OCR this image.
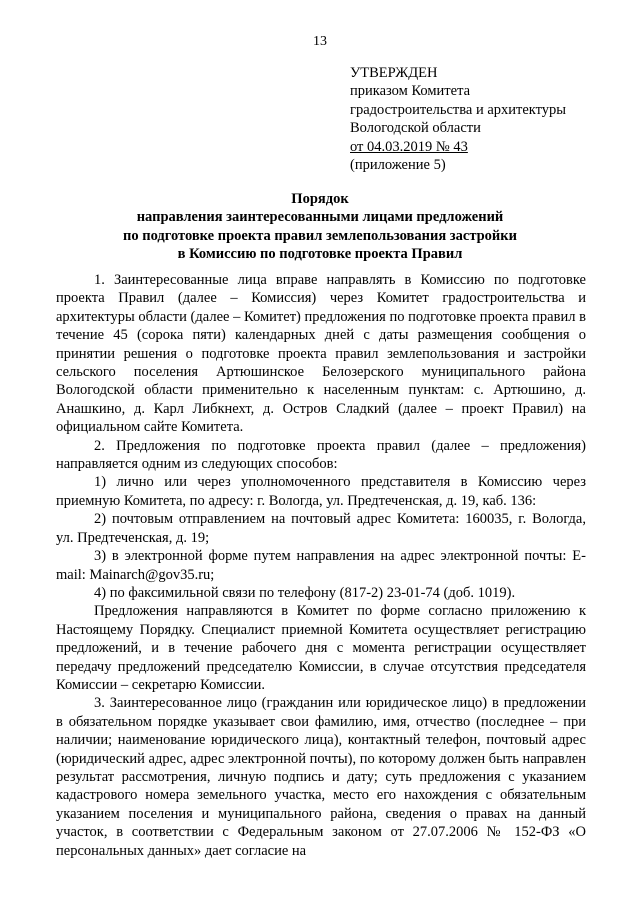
13
УТВЕРЖДЕН
приказом Комитета
градостроительства и архитектуры
Вологодской области
от 04.03.2019 № 43
(приложение 5)
Порядок
направления заинтересованными лицами предложений
по подготовке проекта правил землепользования застройки
в Комиссию по подготовке проекта Правил

1. Заинтересованные лица вправе направлять в Комиссию по подготовке проекта Правил (далее – Комиссия) через Комитет градостроительства и архитектуры области (далее – Комитет) предложения по подготовке проекта правил в течение 45 (сорока пяти) календарных дней с даты размещения сообщения о принятии решения о подготовке проекта правил землепользования и застройки сельского поселения Артюшинское Белозерского муниципального района Вологодской области применительно к населенным пунктам: с. Артюшино, д. Анашкино, д. Карл Либкнехт, д. Остров Сладкий (далее – проект Правил) на официальном сайте Комитета.

2. Предложения по подготовке проекта правил (далее – предложения) направляется одним из следующих способов:

1) лично или через уполномоченного представителя в Комиссию через приемную Комитета, по адресу: г. Вологда, ул. Предтеченская, д. 19, каб. 136:

2) почтовым отправлением на почтовый адрес Комитета: 160035, г. Вологда, ул. Предтеченская, д. 19;

3) в электронной форме путем направления на адрес электронной почты: E-mail: Mainarch@gov35.ru;

4) по факсимильной связи по телефону (817-2) 23-01-74 (доб. 1019).

Предложения направляются в Комитет по форме согласно приложению к Настоящему Порядку. Специалист приемной Комитета осуществляет регистрацию предложений, и в течение рабочего дня с момента регистрации осуществляет передачу предложений председателю Комиссии, в случае отсутствия председателя Комиссии – секретарю Комиссии.

3. Заинтересованное лицо (гражданин или юридическое лицо) в предложении в обязательном порядке указывает свои фамилию, имя, отчество (последнее – при наличии; наименование юридического лица), контактный телефон, почтовый адрес (юридический адрес, адрес электронной почты), по которому должен быть направлен результат рассмотрения, личную подпись и дату; суть предложения с указанием кадастрового номера земельного участка, место его нахождения с обязательным указанием поселения и муниципального района, сведения о правах на данный участок, в соответствии с Федеральным законом от 27.07.2006 № 152-ФЗ «О персональных данных» дает согласие на
